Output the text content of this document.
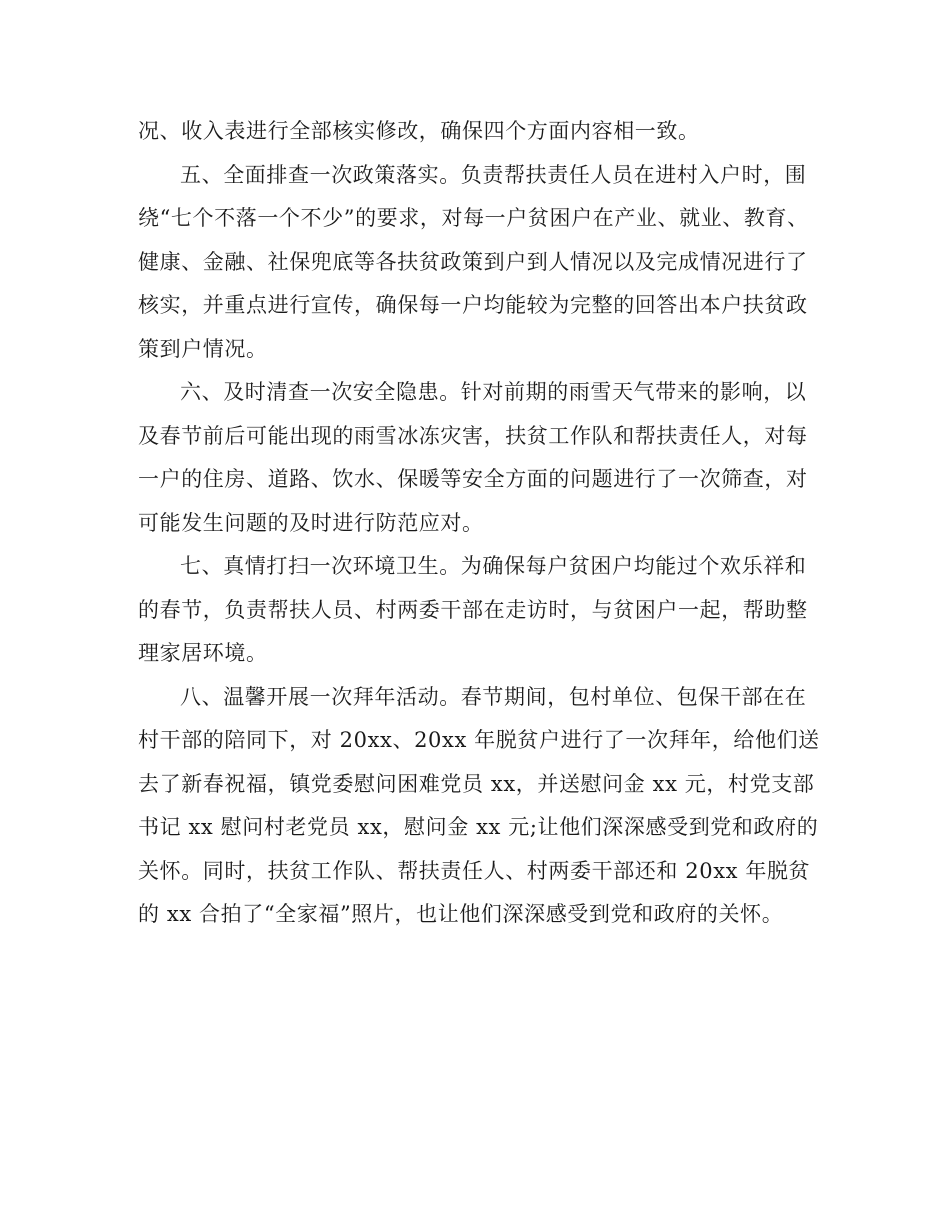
况、收入表进行全部核实修改，确保四个方面内容相一致。
五、全面排查一次政策落实。负责帮扶责任人员在进村入户时，围
绕“七个不落一个不少”的要求，对每一户贫困户在产业、就业、教育、
健康、金融、社保兜底等各扶贫政策到户到人情况以及完成情况进行了
核实，并重点进行宣传，确保每一户均能较为完整的回答出本户扶贫政
策到户情况。
六、及时清查一次安全隐患。针对前期的雨雪天气带来的影响，以
及春节前后可能出现的雨雪冰冻灾害，扶贫工作队和帮扶责任人，对每
一户的住房、道路、饮水、保暖等安全方面的问题进行了一次筛查，对
可能发生问题的及时进行防范应对。
七、真情打扫一次环境卫生。为确保每户贫困户均能过个欢乐祥和
的春节，负责帮扶人员、村两委干部在走访时，与贫困户一起，帮助整
理家居环境。
八、温馨开展一次拜年活动。春节期间，包村单位、包保干部在在
村干部的陪同下，对 20xx、20xx 年脱贫户进行了一次拜年，给他们送
去了新春祝福，镇党委慰问困难党员 xx，并送慰问金 xx 元，村党支部
书记 xx 慰问村老党员 xx，慰问金 xx 元;让他们深深感受到党和政府的
关怀。同时，扶贫工作队、帮扶责任人、村两委干部还和 20xx 年脱贫
的 xx 合拍了“全家福”照片，也让他们深深感受到党和政府的关怀。
